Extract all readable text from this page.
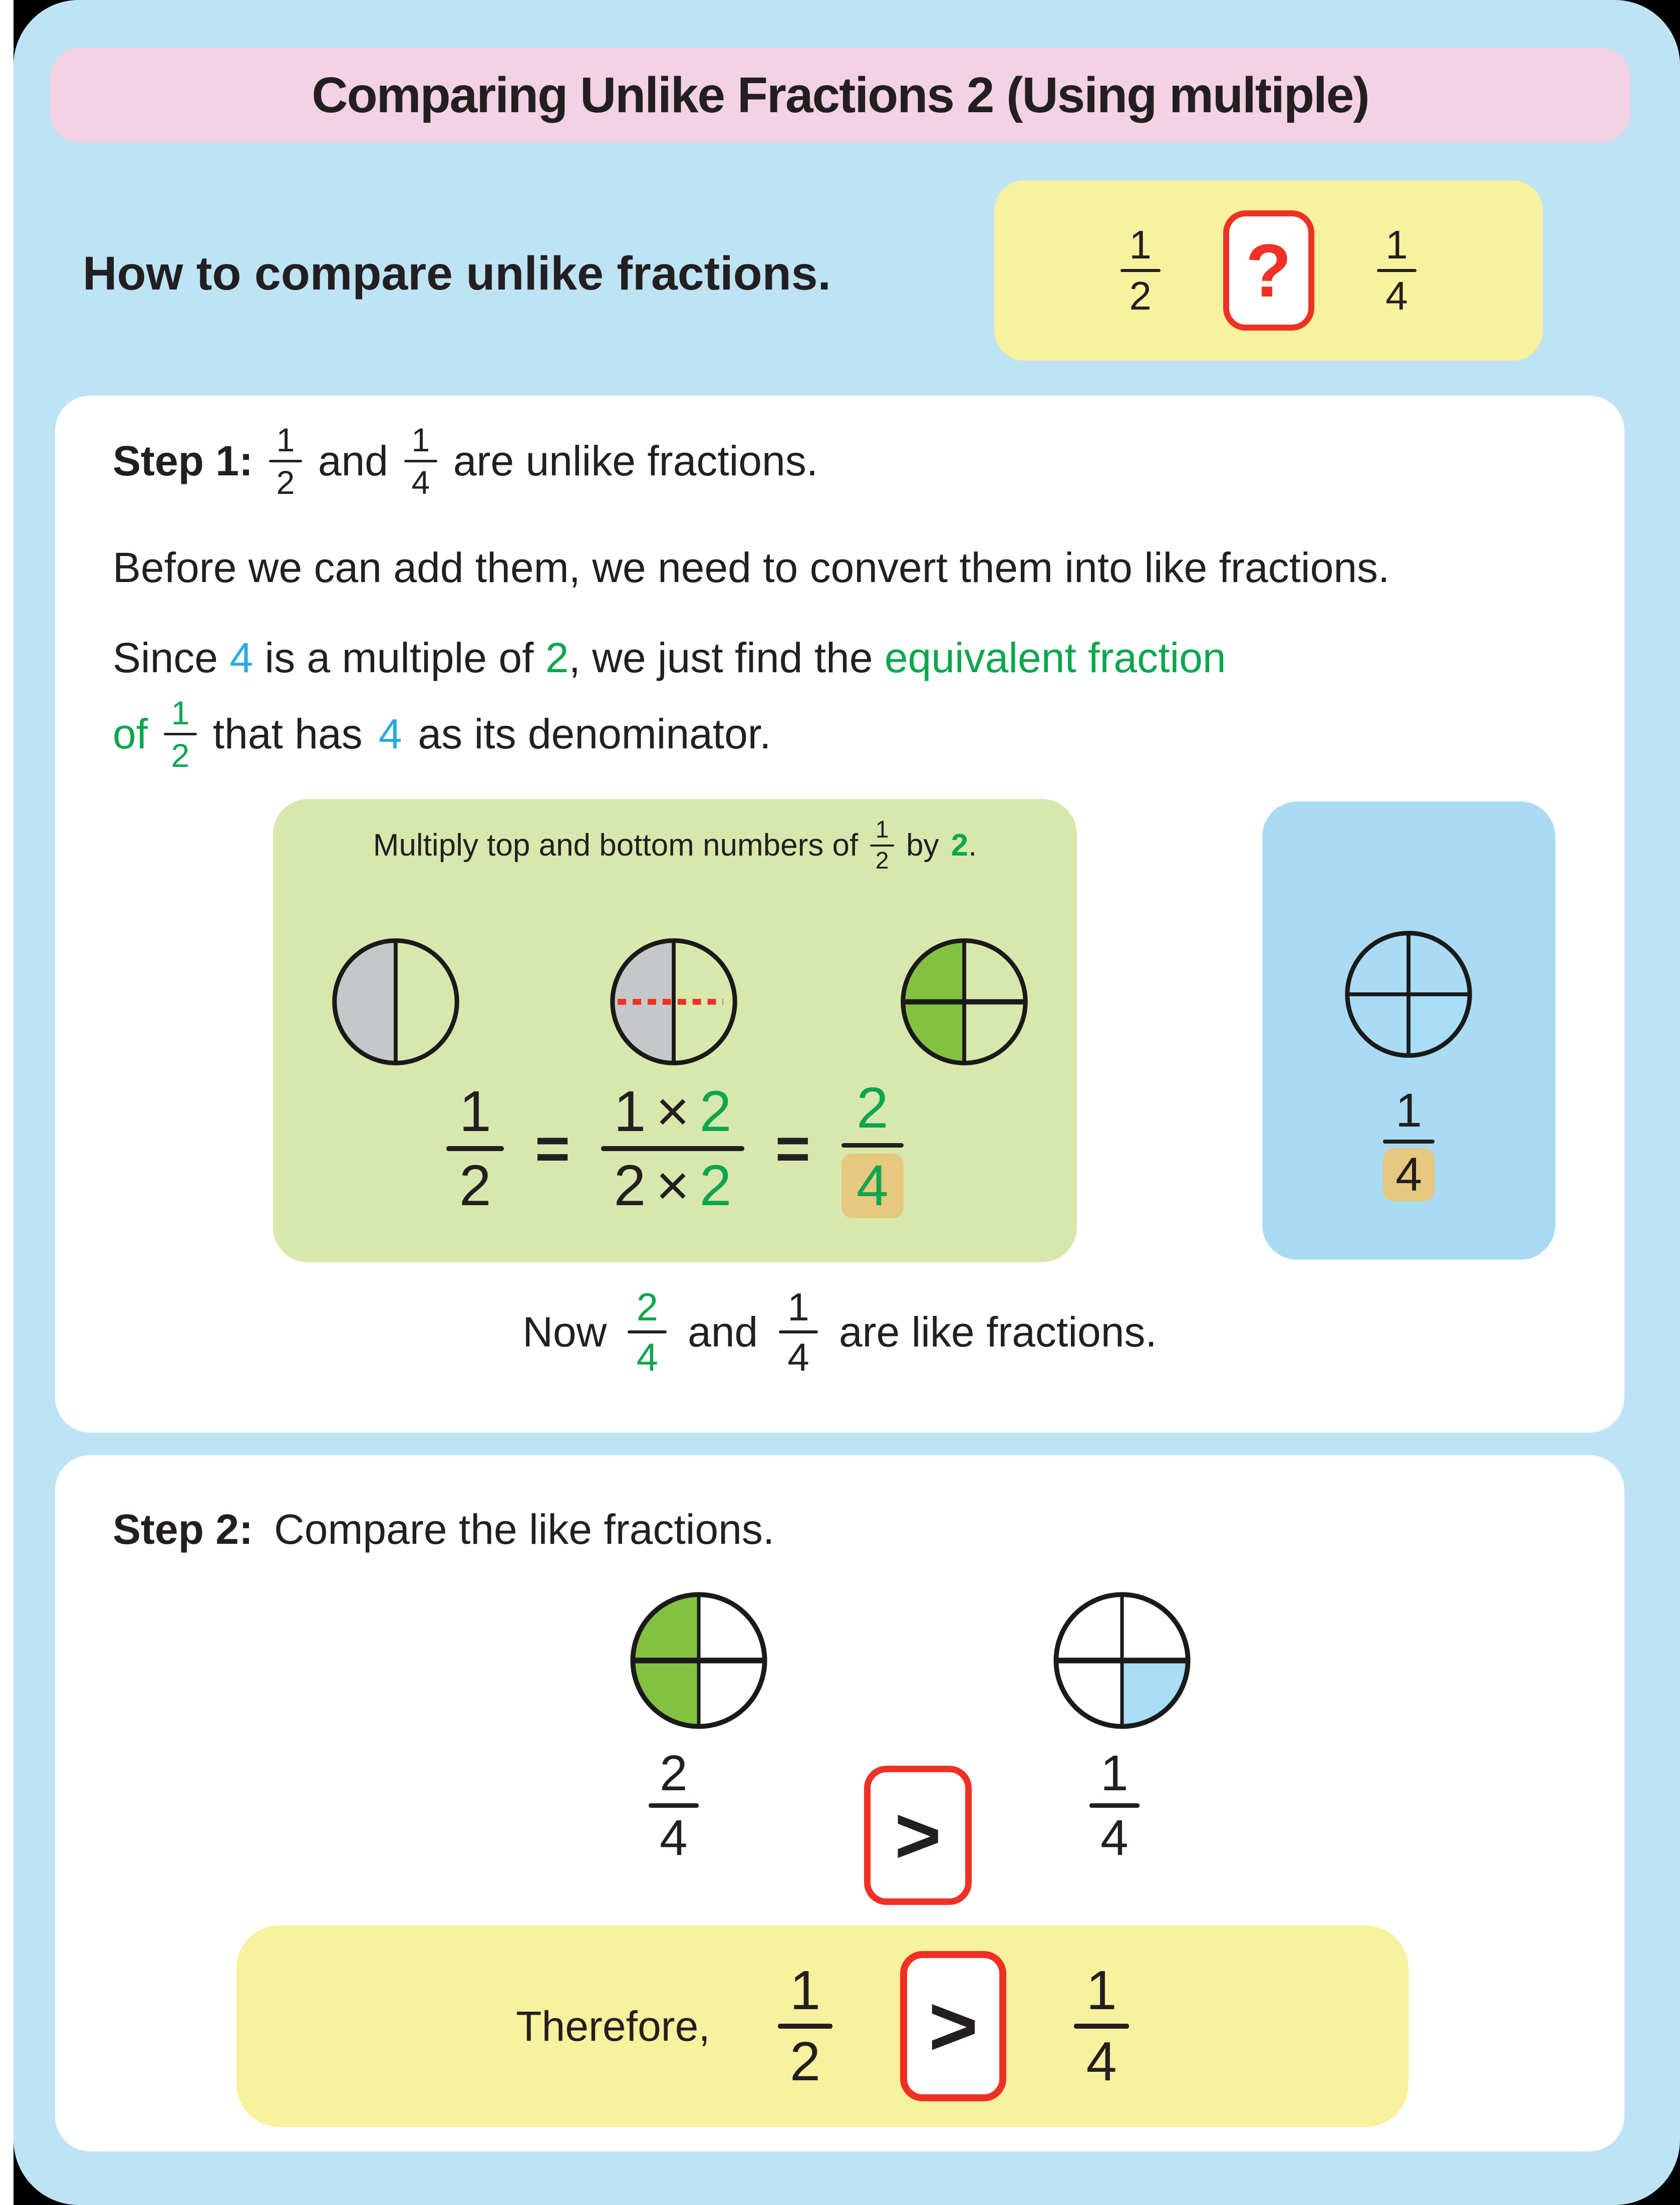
Comparing Unlike Fractions 2 (Using multiple)
How to compare unlike fractions.
1
2 ? 1
4
Step 1: 1
2 and 1
4 are unlike fractions.
Before we can add them, we need to convert them into like fractions.
Since 4 is a multiple of 2, we just find the equivalent fraction
of 1
2 that has 4 as its denominator.
Multiply top and bottom numbers of 1
2 by 2 .
1
2
=
1 × 2
2 × 2
=
2
4
1
4
Now
2
4
and
1
4
are like fractions.
Step 2: Compare the like fractions.
2
4	>
1
4
Therefore,
1
2 > 1
4
